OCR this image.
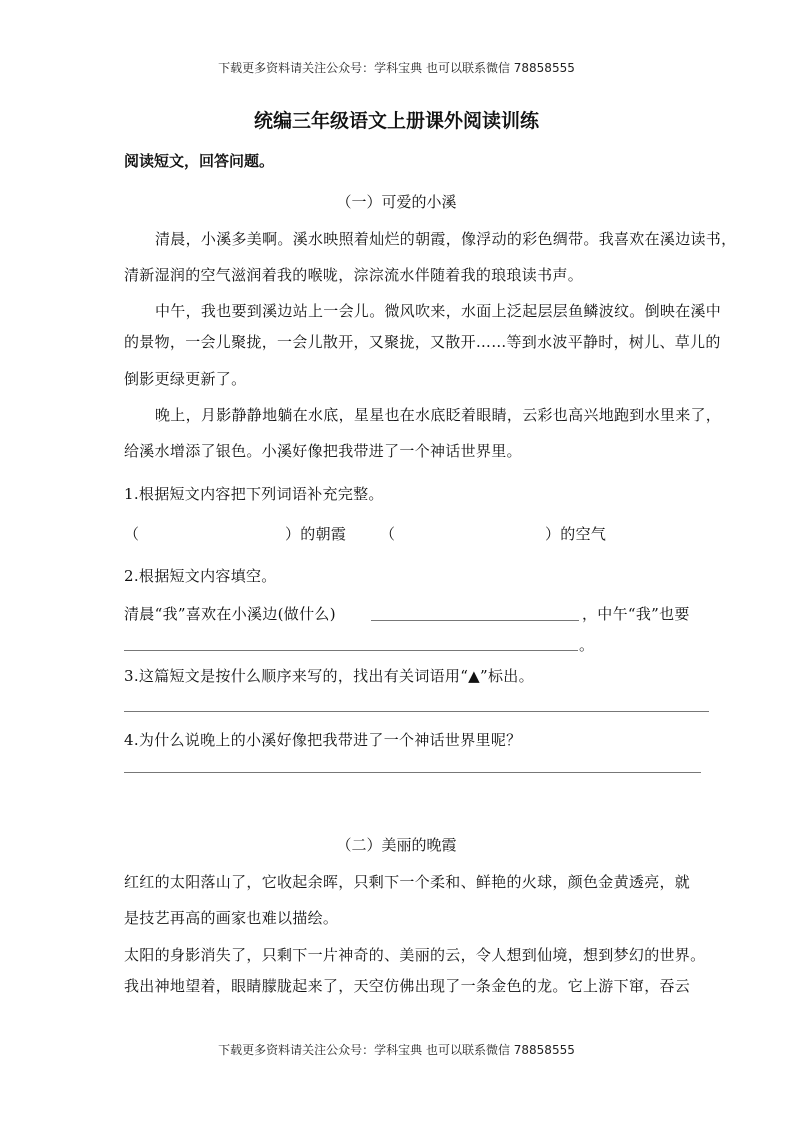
下载更多资料请关注公众号：学科宝典 也可以联系微信 78858555
统编三年级语文上册课外阅读训练
阅读短文，回答问题。
（一）可爱的小溪
清晨，小溪多美啊。溪水映照着灿烂的朝霞，像浮动的彩色绸带。我喜欢在溪边读书，
清新湿润的空气滋润着我的喉咙，淙淙流水伴随着我的琅琅读书声。
中午，我也要到溪边站上一会儿。微风吹来，水面上泛起层层鱼鳞波纹。倒映在溪中
的景物，一会儿聚拢，一会儿散开，又聚拢，又散开……等到水波平静时，树儿、草儿的
倒影更绿更新了。
晚上，月影静静地躺在水底，星星也在水底眨着眼睛，云彩也高兴地跑到水里来了，
给溪水增添了银色。小溪好像把我带进了一个神话世界里。
1.根据短文内容把下列词语补充完整。
（	）的朝霞 （	）的空气
2.根据短文内容填空。
清晨“我”喜欢在小溪边(做什么)	，中午“我”也要
。
3.这篇短文是按什么顺序来写的，找出有关词语用“▲”标出。
4.为什么说晚上的小溪好像把我带进了一个神话世界里呢？
（二）美丽的晚霞
红红的太阳落山了，它收起余晖，只剩下一个柔和、鲜艳的火球，颜色金黄透亮，就
是技艺再高的画家也难以描绘。
太阳的身影消失了，只剩下一片神奇的、美丽的云，令人想到仙境，想到梦幻的世界。
我出神地望着，眼睛朦胧起来了，天空仿佛出现了一条金色的龙。它上游下窜，吞云
下载更多资料请关注公众号：学科宝典 也可以联系微信 78858555
